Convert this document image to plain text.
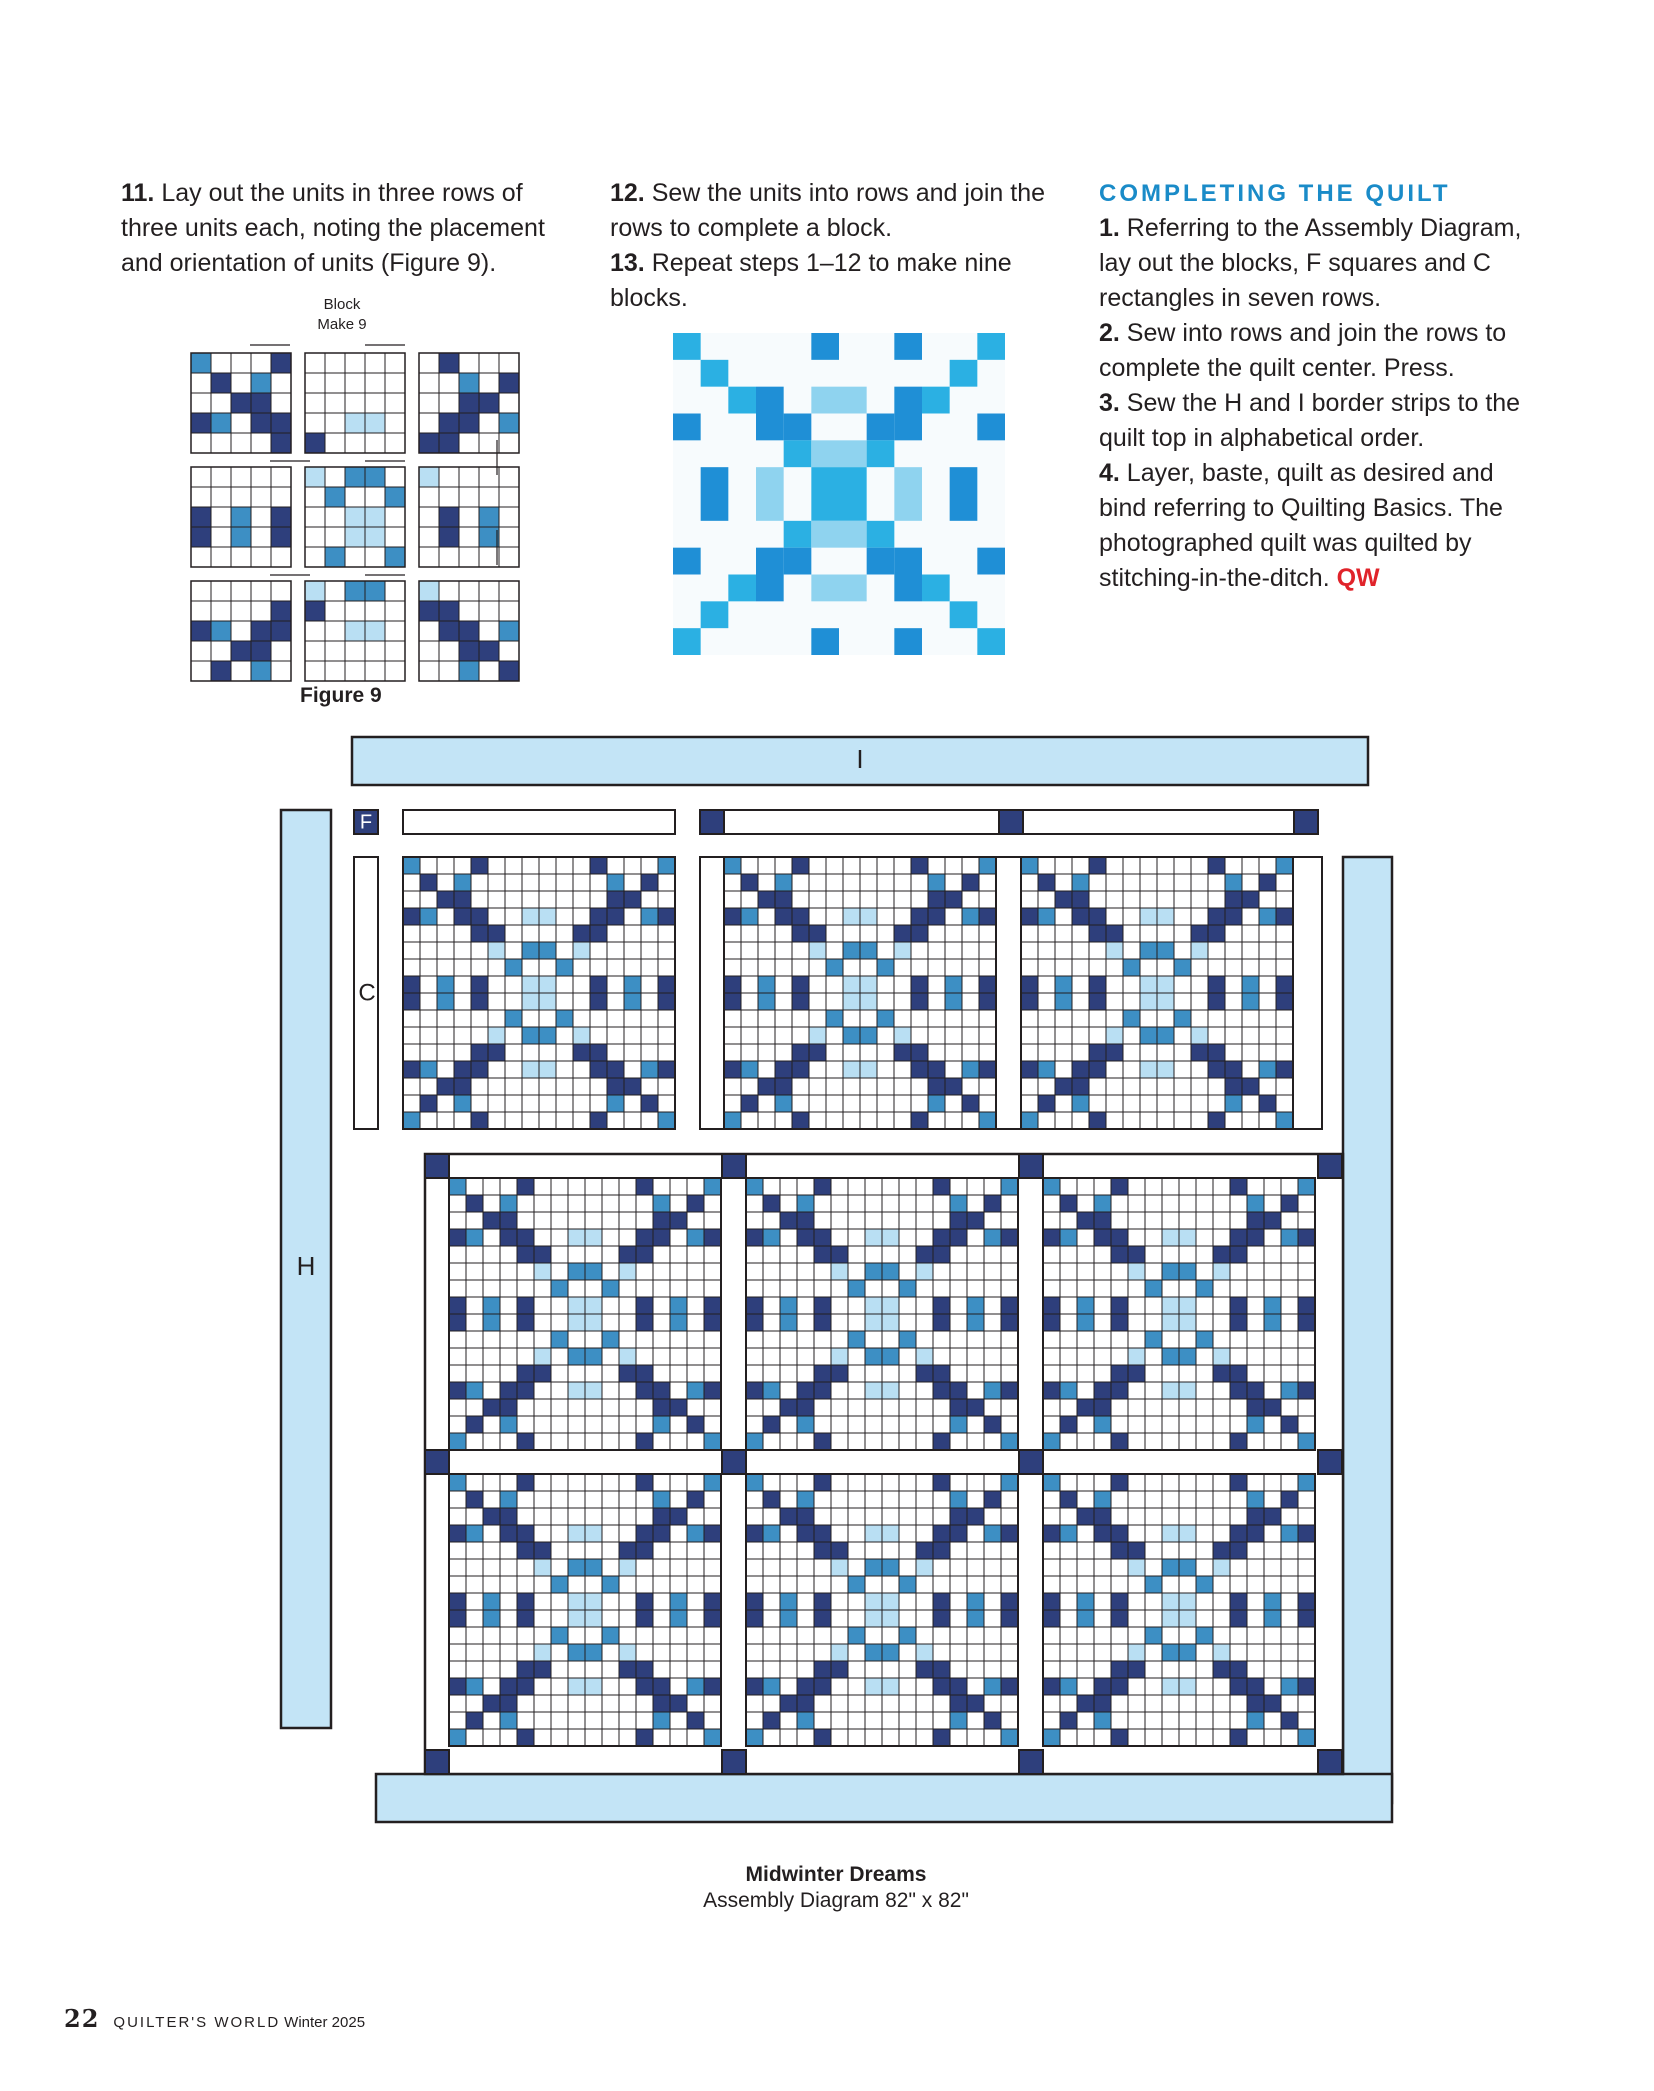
11. Lay out the units in three rows of three units each, noting the placement and orientation of units (Figure 9).

12. Sew the units into rows and join the rows to complete a block.

13. Repeat steps 1–12 to make nine blocks.

COMPLETING THE QUILT

1. Referring to the Assembly Diagram, lay out the blocks, F squares and C rectangles in seven rows.

2. Sew into rows and join the rows to complete the quilt center. Press.

3. Sew the H and I border strips to the quilt top in alphabetical order.

4. Layer, baste, quilt as desired and bind referring to Quilting Basics. The photographed quilt was quilted by stitching-in-the-ditch. QW

Block
Make 9
Figure 9
I
F
C
H
Midwinter Dreams
Assembly Diagram 82" x 82"
22 QUILTER'S WORLD Winter 2025
